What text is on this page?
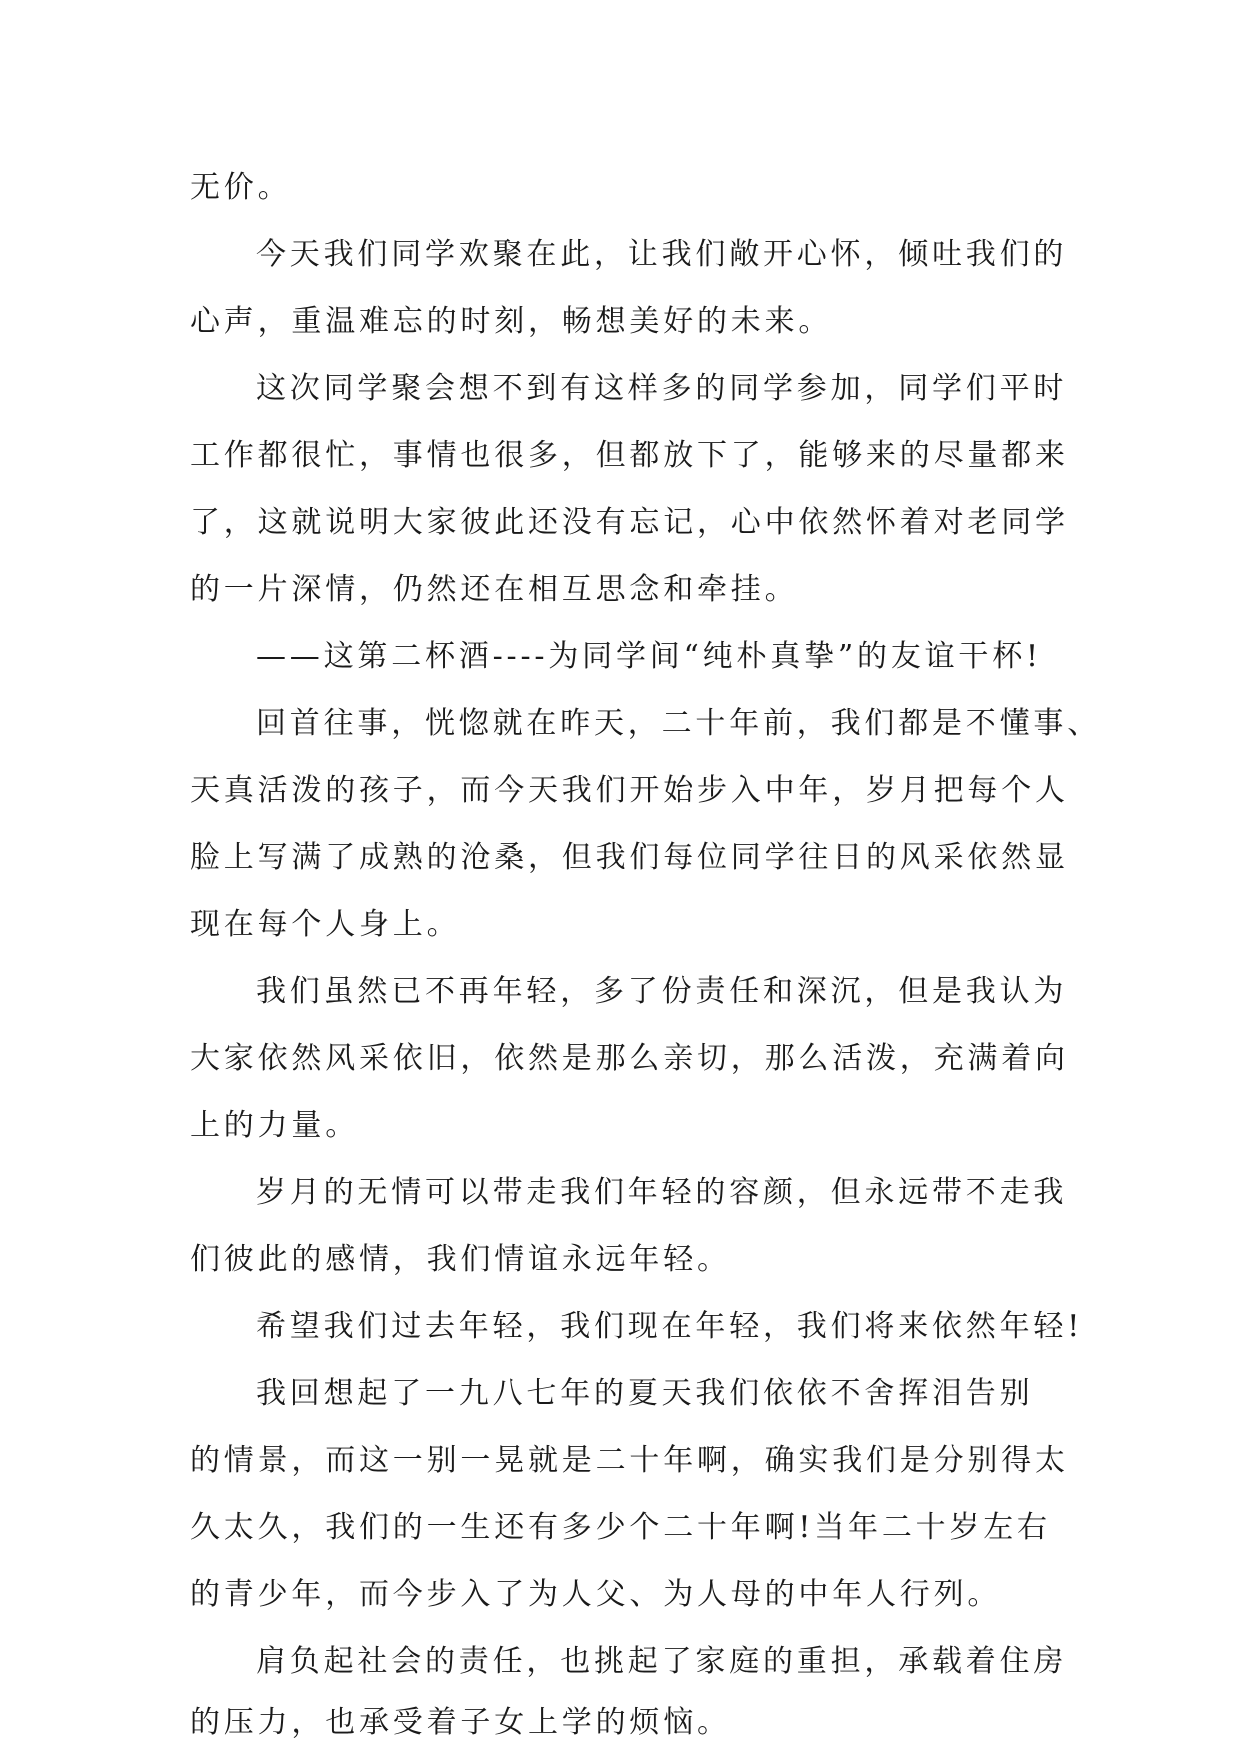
无价。
今天我们同学欢聚在此，让我们敞开心怀，倾吐我们的
心声，重温难忘的时刻，畅想美好的未来。
这次同学聚会想不到有这样多的同学参加，同学们平时
工作都很忙，事情也很多，但都放下了，能够来的尽量都来
了，这就说明大家彼此还没有忘记，心中依然怀着对老同学
的一片深情，仍然还在相互思念和牵挂。
——这第二杯酒----为同学间“纯朴真挚”的友谊干杯!
回首往事，恍惚就在昨天，二十年前，我们都是不懂事、
天真活泼的孩子，而今天我们开始步入中年，岁月把每个人
脸上写满了成熟的沧桑，但我们每位同学往日的风采依然显
现在每个人身上。
我们虽然已不再年轻，多了份责任和深沉，但是我认为
大家依然风采依旧，依然是那么亲切，那么活泼，充满着向
上的力量。
岁月的无情可以带走我们年轻的容颜，但永远带不走我
们彼此的感情，我们情谊永远年轻。
希望我们过去年轻，我们现在年轻，我们将来依然年轻!
我回想起了一九八七年的夏天我们依依不舍挥泪告别
的情景，而这一别一晃就是二十年啊，确实我们是分别得太
久太久，我们的一生还有多少个二十年啊!当年二十岁左右
的青少年，而今步入了为人父、为人母的中年人行列。
肩负起社会的责任，也挑起了家庭的重担，承载着住房
的压力，也承受着子女上学的烦恼。
